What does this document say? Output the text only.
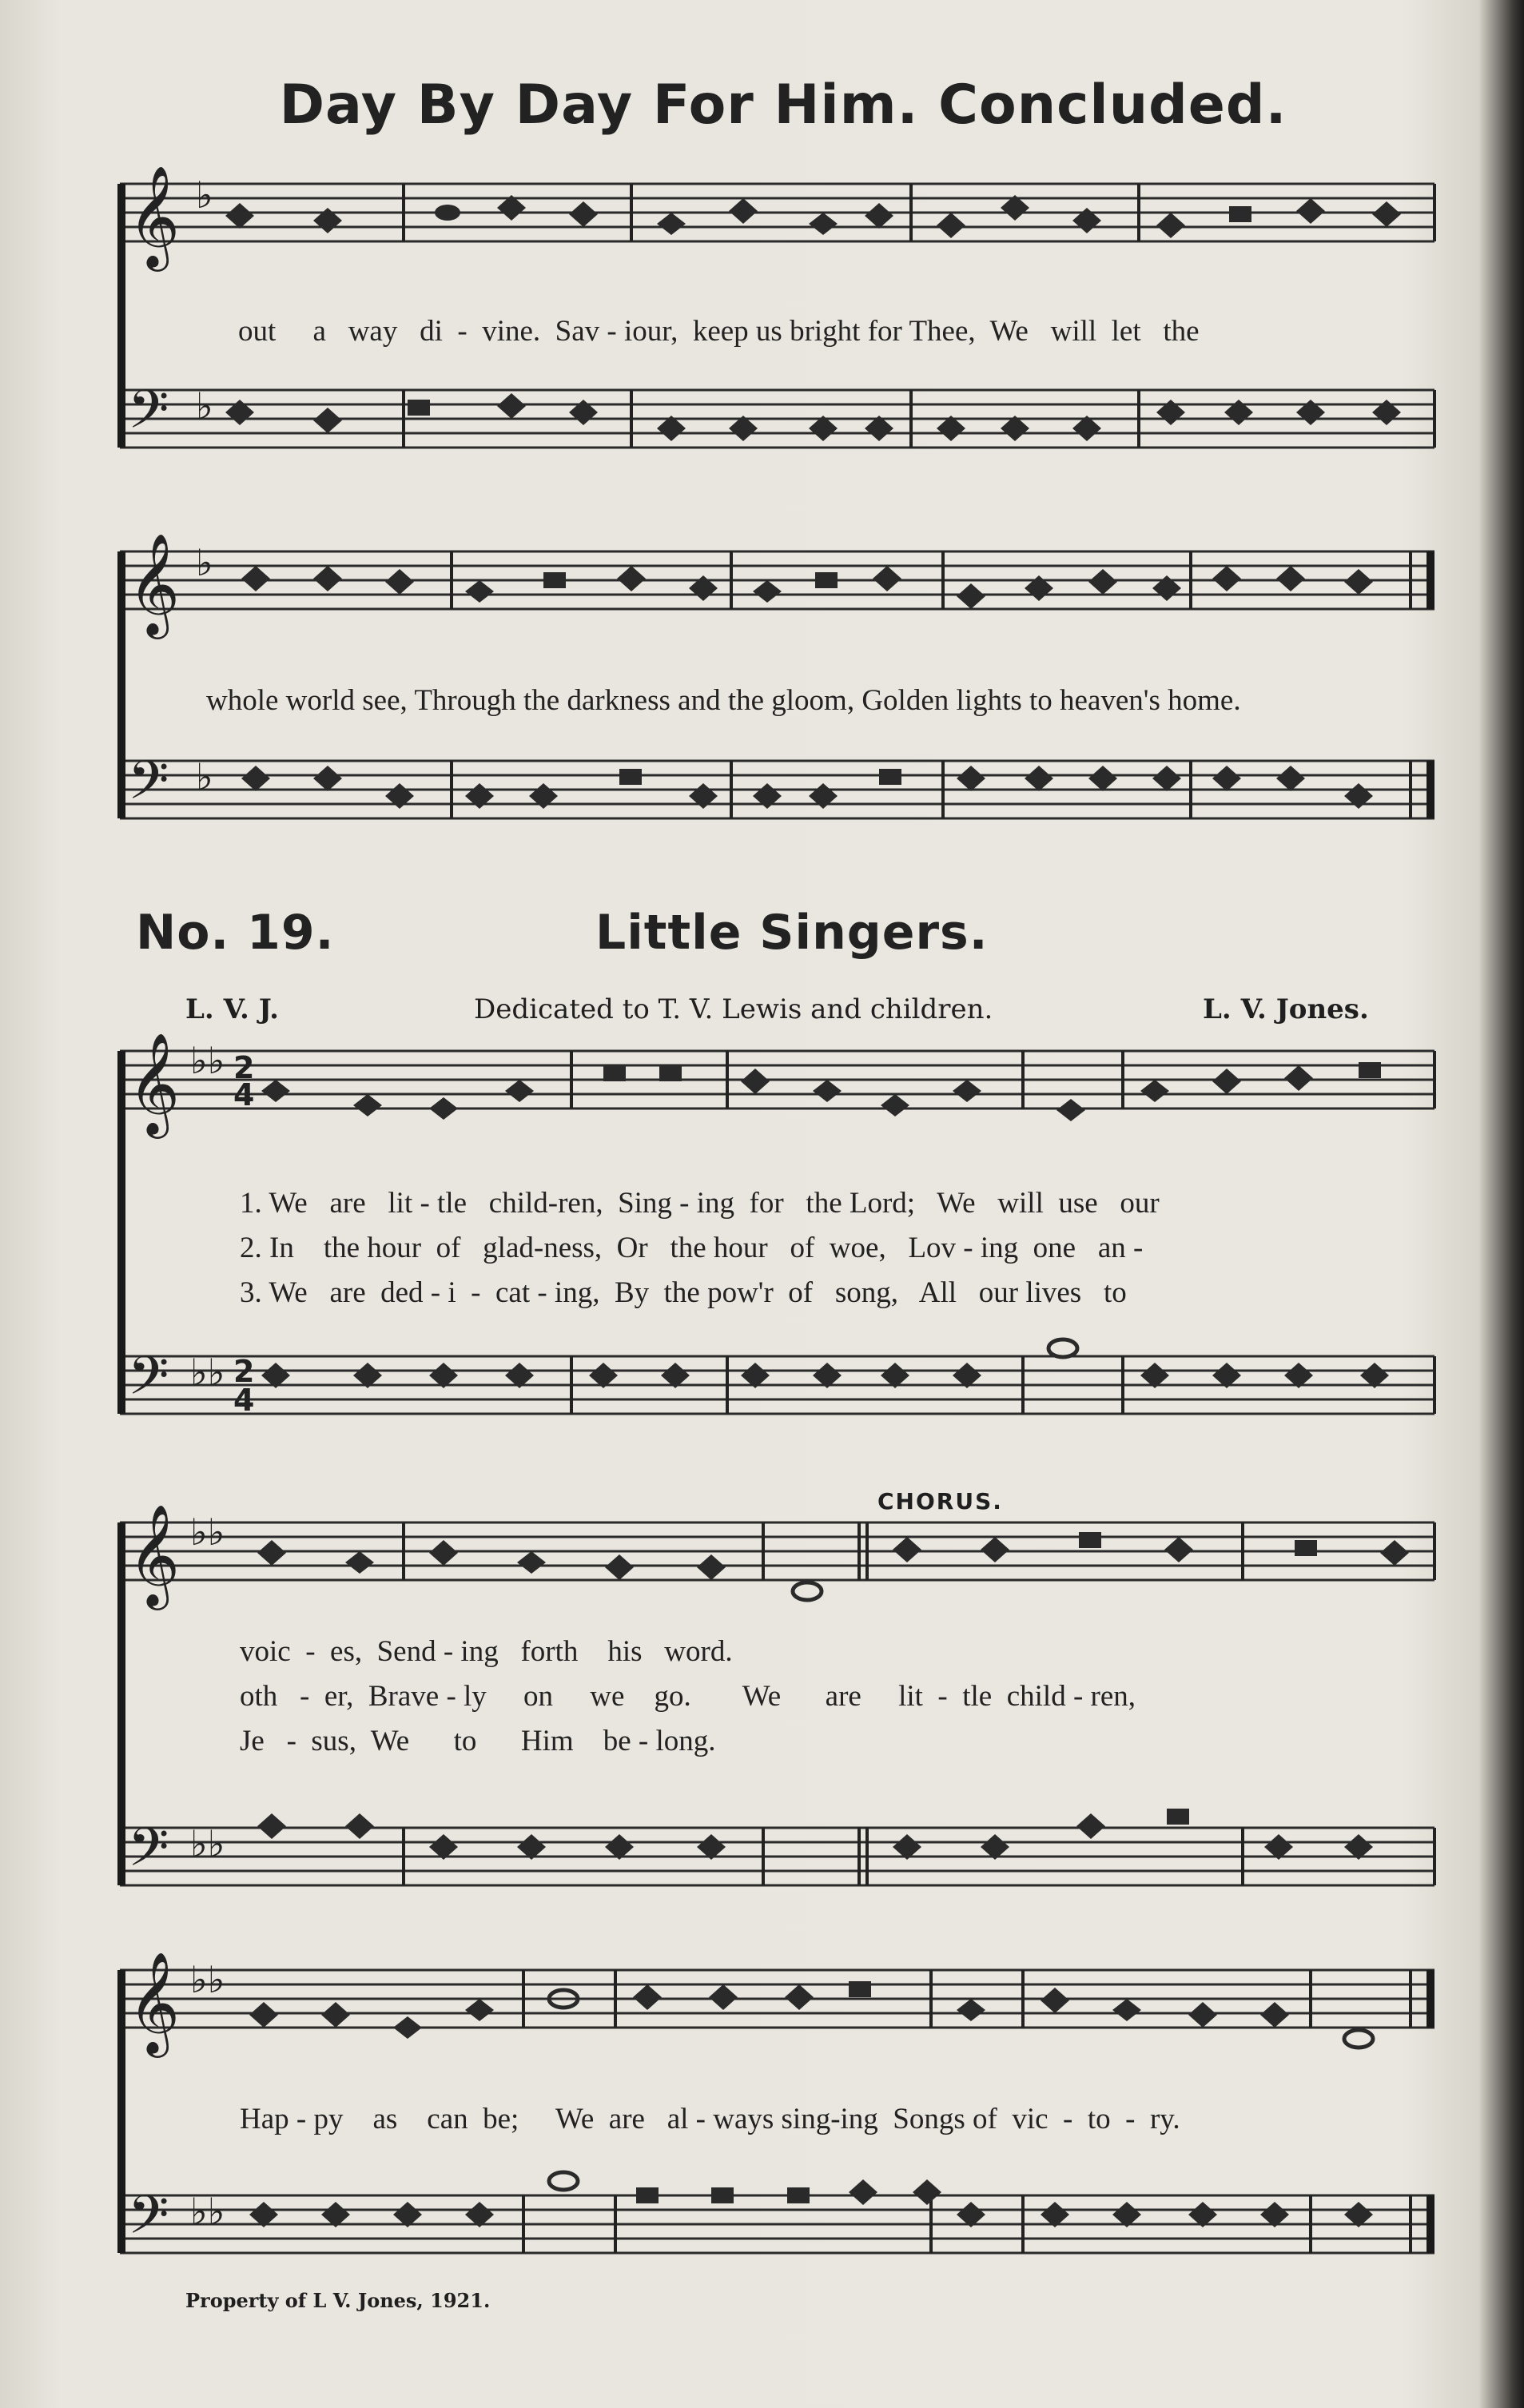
Day By Day For Him. Concluded.
𝄞
𝄢
♭
♭
out     a   way   di  -  vine.  Sav - iour,  keep us bright for Thee,  We   will  let   the
𝄞
𝄢
♭
♭
whole world see, Through the darkness and the gloom, Golden lights to heaven's home.
No. 19.	Little Singers.
L. V. J.	Dedicated to T. V. Lewis and children.	L. V. Jones.
𝄞
𝄢
♭♭
♭♭
2
4
2
4
1. We   are   lit - tle   child-ren,  Sing - ing  for   the Lord;   We   will  use   our
2. In    the hour  of   glad-ness,  Or   the hour   of  woe,   Lov - ing  one   an -
3. We   are  ded - i  -  cat - ing,  By  the pow'r  of   song,   All   our lives   to
CHORUS.
𝄞
𝄢
♭♭
♭♭
voic  -  es,  Send - ing   forth    his   word.
oth   -  er,  Brave - ly     on     we    go.       We      are     lit  -  tle  child - ren,
Je   -  sus,  We      to      Him    be - long.
𝄞
𝄢
♭♭
♭♭
Hap - py    as    can  be;     We  are   al - ways sing-ing  Songs of  vic  -  to  -  ry.
Property of L V. Jones, 1921.
